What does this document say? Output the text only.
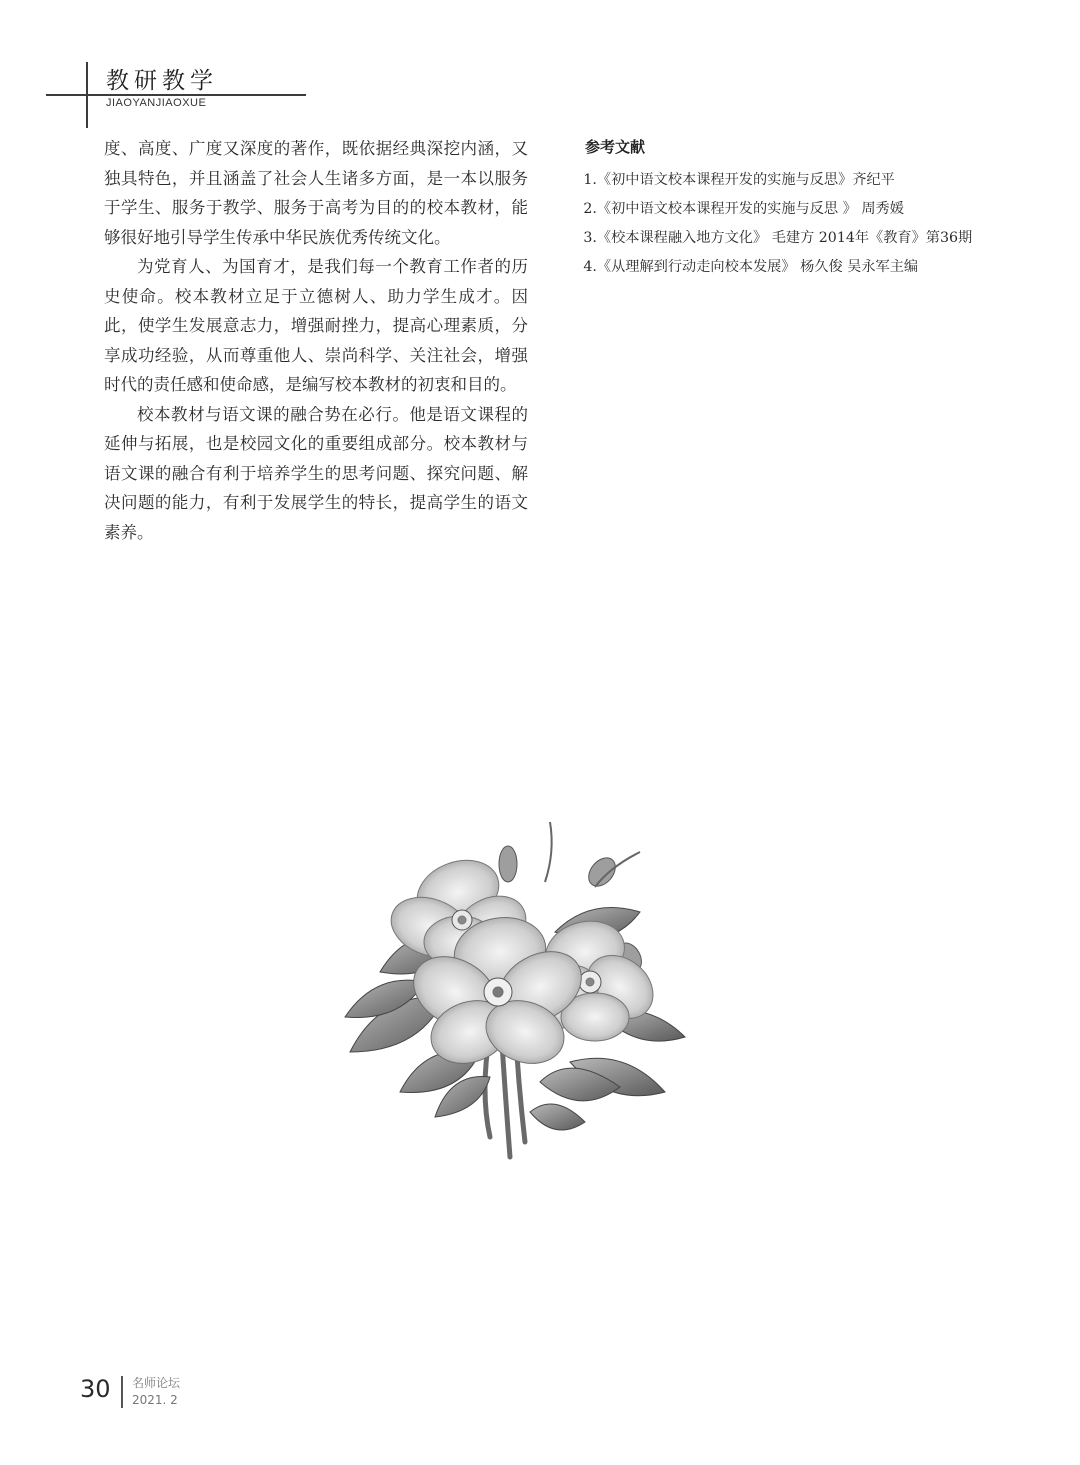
教研教学
JIAOYANJIAOXUE

度、高度、广度又深度的著作，既依据经典深挖内涵，又独具特色，并且涵盖了社会人生诸多方面，是一本以服务于学生、服务于教学、服务于高考为目的的校本教材，能够很好地引导学生传承中华民族优秀传统文化。

为党育人、为国育才，是我们每一个教育工作者的历史使命。校本教材立足于立德树人、助力学生成才。因此，使学生发展意志力，增强耐挫力，提高心理素质，分享成功经验，从而尊重他人、崇尚科学、关注社会，增强时代的责任感和使命感，是编写校本教材的初衷和目的。

校本教材与语文课的融合势在必行。他是语文课程的延伸与拓展，也是校园文化的重要组成部分。校本教材与语文课的融合有利于培养学生的思考问题、探究问题、解决问题的能力，有利于发展学生的特长，提高学生的语文素养。

参考文献

1.《初中语文校本课程开发的实施与反思》齐纪平

2.《初中语文校本课程开发的实施与反思 》 周秀媛

3.《校本课程融入地方文化》 毛建方 2014年《教育》第36期

4.《从理解到行动走向校本发展》 杨久俊 吴永军主编

30 名师论坛
2021. 2
